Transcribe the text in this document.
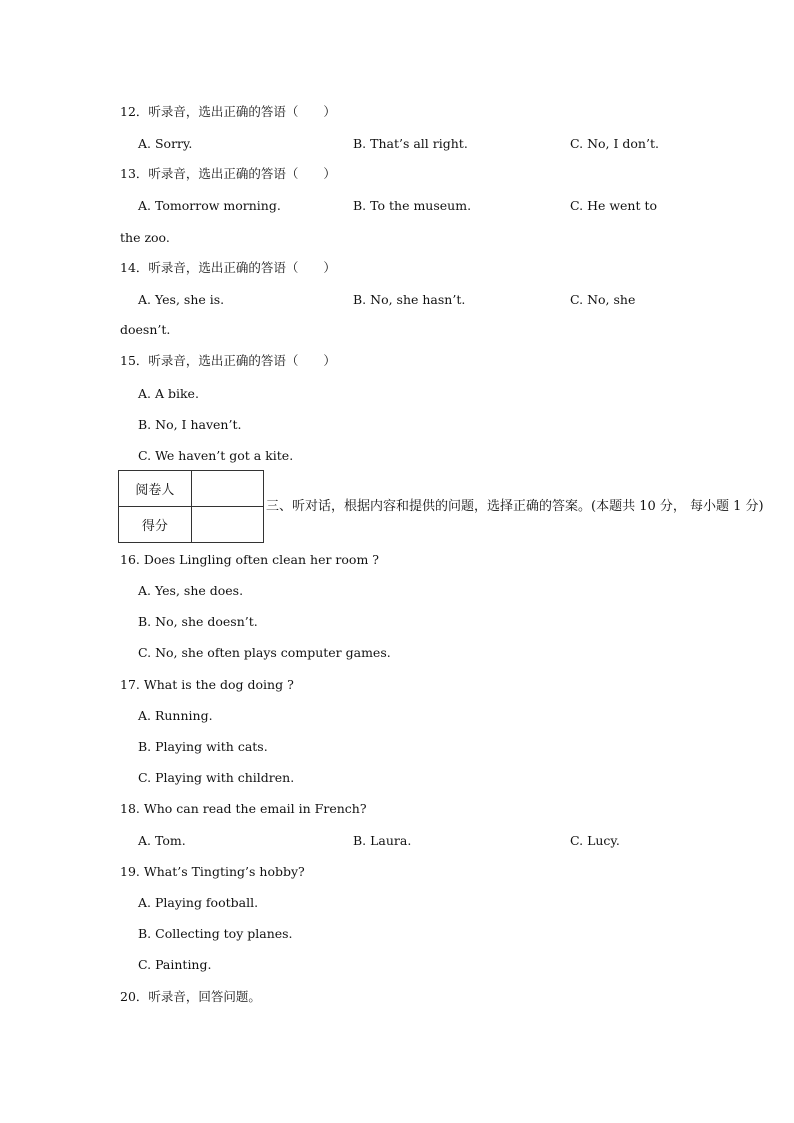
12．听录音，选出正确的答语（　　）
A. Sorry.	B. That’s all right.	C. No, I don’t.
13．听录音，选出正确的答语（　　）
A. Tomorrow morning.	B. To the museum.	C. He went to
the zoo.
14．听录音，选出正确的答语（　　）
A. Yes, she is.	B. No, she hasn’t.	C. No, she
doesn’t.
15．听录音，选出正确的答语（　　）
A. A bike.
B. No, I haven’t.
C. We haven’t got a kite.
阅卷人	
得分	
三、听对话，根据内容和提供的问题，选择正确的答案。(本题共 10 分， 每小题 1 分)
16. Does Lingling often clean her room ?
A. Yes, she does.
B. No, she doesn’t.
C. No, she often plays computer games.
17. What is the dog doing ?
A. Running.
B. Playing with cats.
C. Playing with children.
18. Who can read the email in French?
A. Tom.	B. Laura.	C. Lucy.
19. What’s Tingting’s hobby?
A. Playing football.
B. Collecting toy planes.
C. Painting.
20．听录音，回答问题。
